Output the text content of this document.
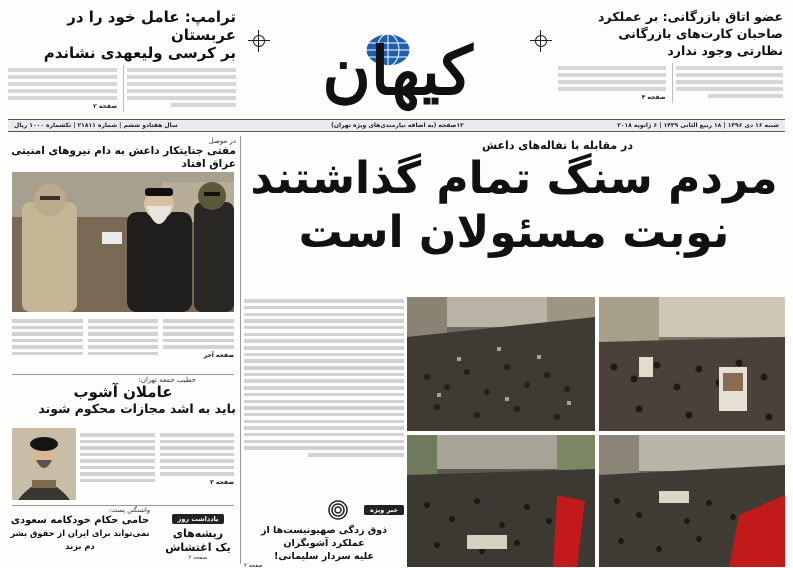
عضو اتاق بازرگانی: بر عملکرد صاحبان کارت‌های بازرگانی
نظارتی وجود ندارد
صفحه ۴
کیهان
ترامپ: عامل خود را در عربستان
بر کرسی ولیعهدی نشاندم
صفحه ۲
شنبه ۱۶ دی ۱۳۹۶ | ۱۸ ربیع الثانی ۱۴۳۹ | ۶ ژانویه ۲۰۱۸
۱۲صفحه (به اضافه نیازمندی‌های ویژه تهران)
سال هفتادو ششم | شماره ۲۱۸۱۱ | تکشماره ۱۰۰۰ ریال
در موصل
مفتی جنایتکار داعش به دام نیروهای امنیتی عراق افتاد
صفحه آخر
خطیب جمعه تهران:
عاملان آشوب
باید به اشد مجازات محکوم شوند
صفحه ۳
واشنگتن پست:
حامی حکام خودکامه سعودی
نمی‌تواند برای ایران از حقوق بشر دم بزند
یادداشت روز
ریشه‌های
یک اغتشاش
صفحه ۲
در مقابله با تفاله‌های داعش
مردم سنگ تمام گذاشتند
نوبت مسئولان است
خبر ویژه
ذوق زدگی صهیونیست‌ها از عملکرد آشوبگران
علیه سردار سلیمانی!
صفحه ۲
